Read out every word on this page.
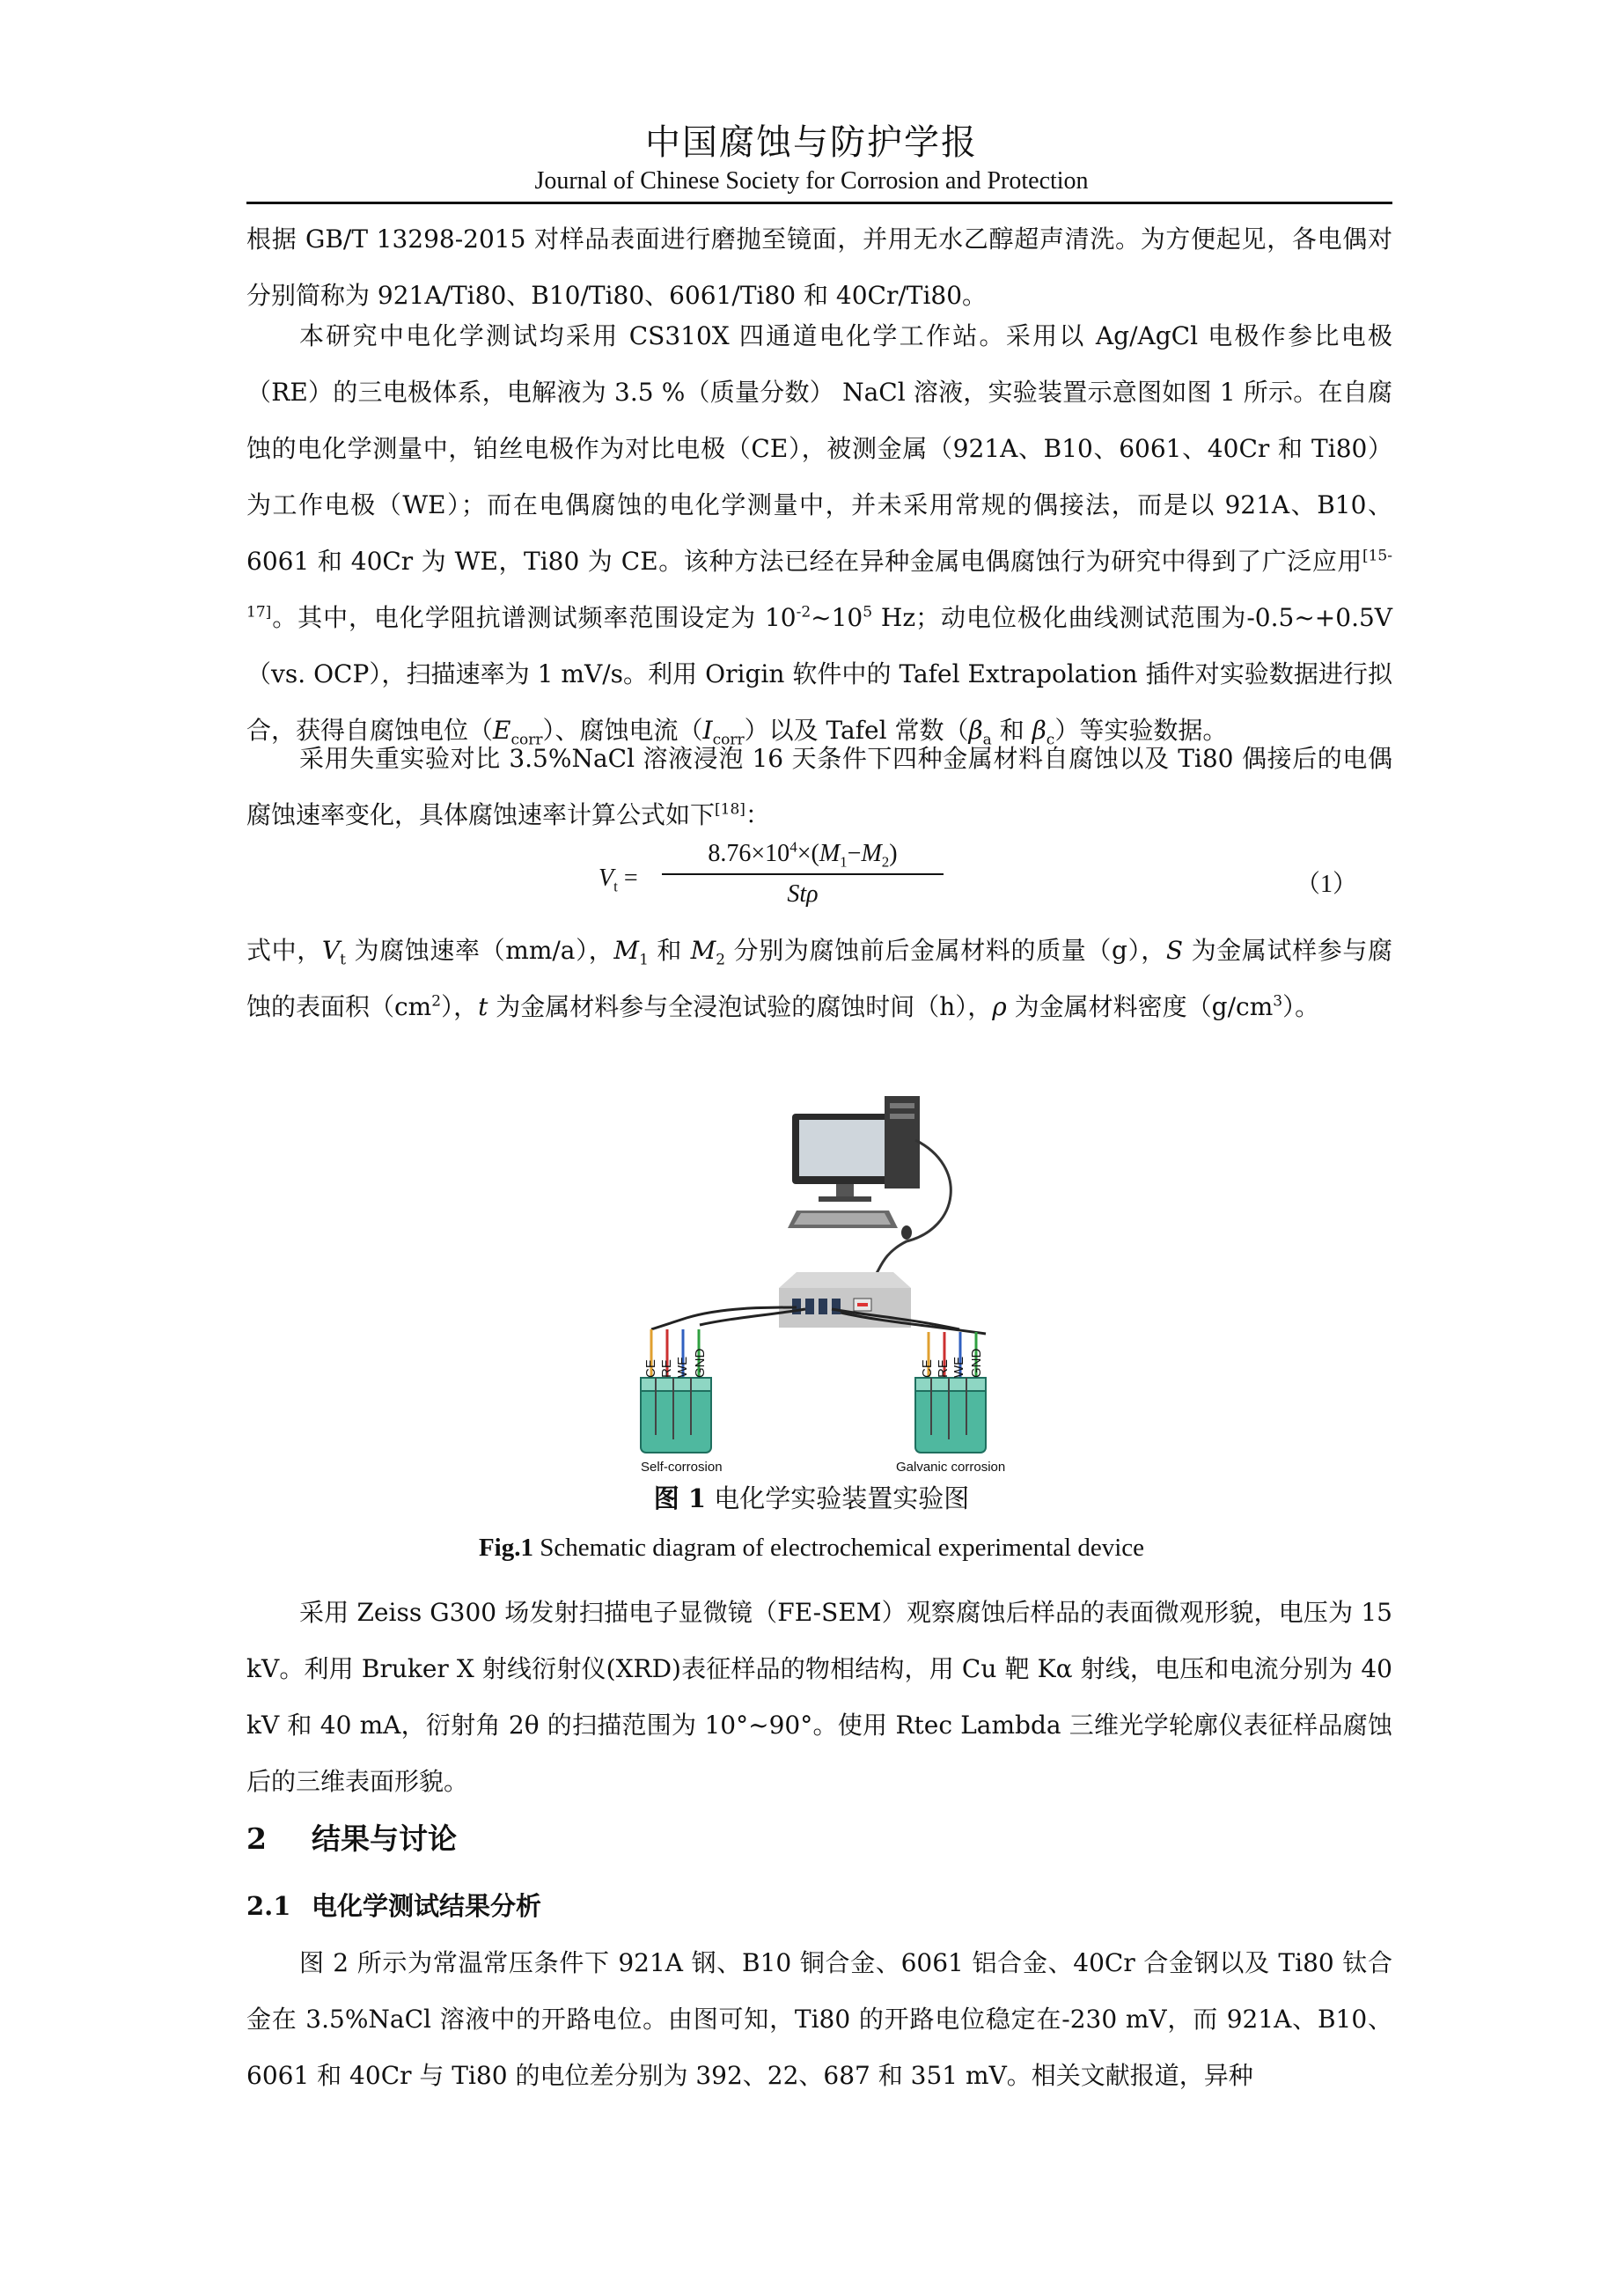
中国腐蚀与防护学报
Journal of Chinese Society for Corrosion and Protection

根据 GB/T 13298-2015 对样品表面进行磨抛至镜面，并用无水乙醇超声清洗。为方便起见，各电偶对分别简称为 921A/Ti80、B10/Ti80、6061/Ti80 和 40Cr/Ti80。

本研究中电化学测试均采用 CS310X 四通道电化学工作站。采用以 Ag/AgCl 电极作参比电极（RE）的三电极体系，电解液为 3.5 %（质量分数） NaCl 溶液，实验装置示意图如图 1 所示。在自腐蚀的电化学测量中，铂丝电极作为对比电极（CE），被测金属（921A、B10、6061、40Cr 和 Ti80）为工作电极（WE）；而在电偶腐蚀的电化学测量中，并未采用常规的偶接法，而是以 921A、B10、6061 和 40Cr 为 WE，Ti80 为 CE。该种方法已经在异种金属电偶腐蚀行为研究中得到了广泛应用[15-17]。其中，电化学阻抗谱测试频率范围设定为 $10^{-2}\sim 10^5$ Hz；动电位极化曲线测试范围为-0.5~+0.5V（vs. OCP），扫描速率为 1 mV/s。利用 Origin 软件中的 Tafel Extrapolation 插件对实验数据进行拟合，获得自腐蚀电位$(E_{corr})$、腐蚀电流$(I_{corr})$以及 Tafel 常数（$\beta_a$ 和 $\beta_c$）等实验数据。

采用失重实验对比 3.5%NaCl 溶液浸泡 16 天条件下四种金属材料自腐蚀以及 Ti80 偶接后的电偶腐蚀速率变化，具体腐蚀速率计算公式如下[18]：

$V_t$ =
$8.76\times 10^4\times(M_1-M_2)$
Stρ	（1）

式中，$V_t$ 为腐蚀速率（mm/a），$M_1$ 和 $M_2$ 分别为腐蚀前后金属材料的质量（g），S 为金属试样参与腐蚀的表面积$(cm^2)$，t 为金属材料参与全浸泡试验的腐蚀时间（h），ρ 为金属材料密度$(g/cm^3)$。

CE RE WE GND	CE RE WE GND
Self-corrosion	Galvanic corrosion
图 1 电化学实验装置实验图
Fig.1 Schematic diagram of electrochemical experimental device

采用 Zeiss G300 场发射扫描电子显微镜（FE-SEM）观察腐蚀后样品的表面微观形貌，电压为 15 kV。利用 Bruker X 射线衍射仪(XRD)表征样品的物相结构，用 Cu 靶 Kα 射线，电压和电流分别为 40 kV 和 40 mA，衍射角 2θ 的扫描范围为 10°~90°。使用 Rtec Lambda 三维光学轮廓仪表征样品腐蚀后的三维表面形貌。

2 结果与讨论
2.1 电化学测试结果分析

图 2 所示为常温常压条件下 921A 钢、B10 铜合金、6061 铝合金、40Cr 合金钢以及 Ti80 钛合金在 3.5%NaCl 溶液中的开路电位。由图可知，Ti80 的开路电位稳定在-230 mV，而 921A、B10、6061 和 40Cr 与 Ti80 的电位差分别为 392、22、687 和 351 mV。相关文献报道，异种
